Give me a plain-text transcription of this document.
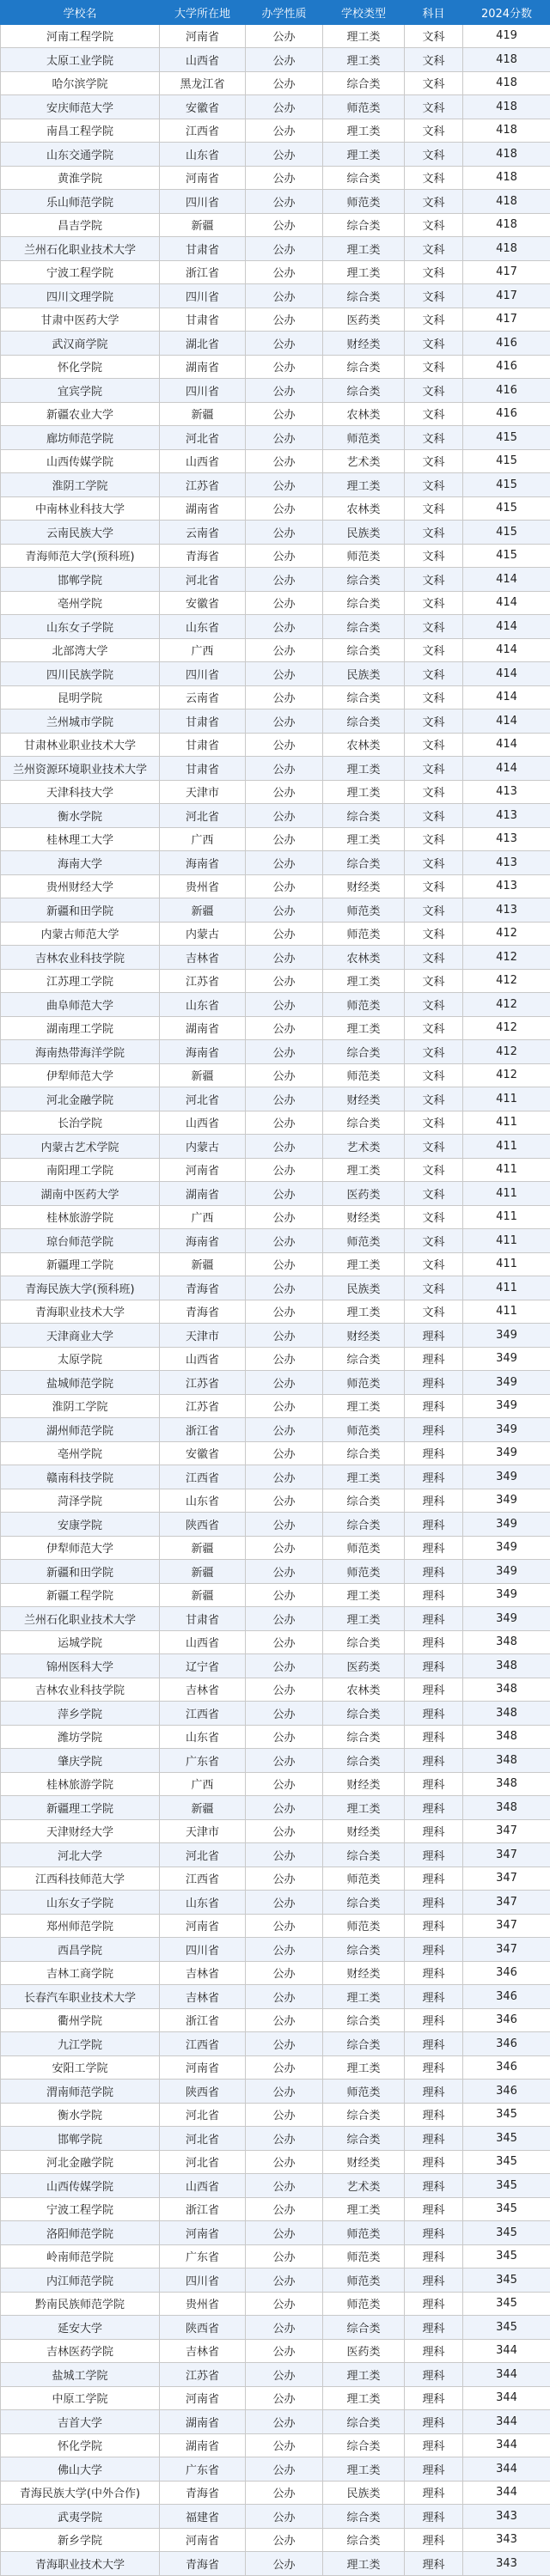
学校名	大学所在地	办学性质	学校类型	科目	2024分数
河南工程学院	河南省	公办	理工类	文科	419
太原工业学院	山西省	公办	理工类	文科	418
哈尔滨学院	黑龙江省	公办	综合类	文科	418
安庆师范大学	安徽省	公办	师范类	文科	418
南昌工程学院	江西省	公办	理工类	文科	418
山东交通学院	山东省	公办	理工类	文科	418
黄淮学院	河南省	公办	综合类	文科	418
乐山师范学院	四川省	公办	师范类	文科	418
昌吉学院	新疆	公办	综合类	文科	418
兰州石化职业技术大学	甘肃省	公办	理工类	文科	418
宁波工程学院	浙江省	公办	理工类	文科	417
四川文理学院	四川省	公办	综合类	文科	417
甘肃中医药大学	甘肃省	公办	医药类	文科	417
武汉商学院	湖北省	公办	财经类	文科	416
怀化学院	湖南省	公办	综合类	文科	416
宜宾学院	四川省	公办	综合类	文科	416
新疆农业大学	新疆	公办	农林类	文科	416
廊坊师范学院	河北省	公办	师范类	文科	415
山西传媒学院	山西省	公办	艺术类	文科	415
淮阴工学院	江苏省	公办	理工类	文科	415
中南林业科技大学	湖南省	公办	农林类	文科	415
云南民族大学	云南省	公办	民族类	文科	415
青海师范大学(预科班)	青海省	公办	师范类	文科	415
邯郸学院	河北省	公办	综合类	文科	414
亳州学院	安徽省	公办	综合类	文科	414
山东女子学院	山东省	公办	综合类	文科	414
北部湾大学	广西	公办	综合类	文科	414
四川民族学院	四川省	公办	民族类	文科	414
昆明学院	云南省	公办	综合类	文科	414
兰州城市学院	甘肃省	公办	综合类	文科	414
甘肃林业职业技术大学	甘肃省	公办	农林类	文科	414
兰州资源环境职业技术大学	甘肃省	公办	理工类	文科	414
天津科技大学	天津市	公办	理工类	文科	413
衡水学院	河北省	公办	综合类	文科	413
桂林理工大学	广西	公办	理工类	文科	413
海南大学	海南省	公办	综合类	文科	413
贵州财经大学	贵州省	公办	财经类	文科	413
新疆和田学院	新疆	公办	师范类	文科	413
内蒙古师范大学	内蒙古	公办	师范类	文科	412
吉林农业科技学院	吉林省	公办	农林类	文科	412
江苏理工学院	江苏省	公办	理工类	文科	412
曲阜师范大学	山东省	公办	师范类	文科	412
湖南理工学院	湖南省	公办	理工类	文科	412
海南热带海洋学院	海南省	公办	综合类	文科	412
伊犁师范大学	新疆	公办	师范类	文科	412
河北金融学院	河北省	公办	财经类	文科	411
长治学院	山西省	公办	综合类	文科	411
内蒙古艺术学院	内蒙古	公办	艺术类	文科	411
南阳理工学院	河南省	公办	理工类	文科	411
湖南中医药大学	湖南省	公办	医药类	文科	411
桂林旅游学院	广西	公办	财经类	文科	411
琼台师范学院	海南省	公办	师范类	文科	411
新疆理工学院	新疆	公办	理工类	文科	411
青海民族大学(预科班)	青海省	公办	民族类	文科	411
青海职业技术大学	青海省	公办	理工类	文科	411
天津商业大学	天津市	公办	财经类	理科	349
太原学院	山西省	公办	综合类	理科	349
盐城师范学院	江苏省	公办	师范类	理科	349
淮阴工学院	江苏省	公办	理工类	理科	349
湖州师范学院	浙江省	公办	师范类	理科	349
亳州学院	安徽省	公办	综合类	理科	349
赣南科技学院	江西省	公办	理工类	理科	349
菏泽学院	山东省	公办	综合类	理科	349
安康学院	陕西省	公办	综合类	理科	349
伊犁师范大学	新疆	公办	师范类	理科	349
新疆和田学院	新疆	公办	师范类	理科	349
新疆工程学院	新疆	公办	理工类	理科	349
兰州石化职业技术大学	甘肃省	公办	理工类	理科	349
运城学院	山西省	公办	综合类	理科	348
锦州医科大学	辽宁省	公办	医药类	理科	348
吉林农业科技学院	吉林省	公办	农林类	理科	348
萍乡学院	江西省	公办	综合类	理科	348
潍坊学院	山东省	公办	综合类	理科	348
肇庆学院	广东省	公办	综合类	理科	348
桂林旅游学院	广西	公办	财经类	理科	348
新疆理工学院	新疆	公办	理工类	理科	348
天津财经大学	天津市	公办	财经类	理科	347
河北大学	河北省	公办	综合类	理科	347
江西科技师范大学	江西省	公办	师范类	理科	347
山东女子学院	山东省	公办	综合类	理科	347
郑州师范学院	河南省	公办	师范类	理科	347
西昌学院	四川省	公办	综合类	理科	347
吉林工商学院	吉林省	公办	财经类	理科	346
长春汽车职业技术大学	吉林省	公办	理工类	理科	346
衢州学院	浙江省	公办	综合类	理科	346
九江学院	江西省	公办	综合类	理科	346
安阳工学院	河南省	公办	理工类	理科	346
渭南师范学院	陕西省	公办	师范类	理科	346
衡水学院	河北省	公办	综合类	理科	345
邯郸学院	河北省	公办	综合类	理科	345
河北金融学院	河北省	公办	财经类	理科	345
山西传媒学院	山西省	公办	艺术类	理科	345
宁波工程学院	浙江省	公办	理工类	理科	345
洛阳师范学院	河南省	公办	师范类	理科	345
岭南师范学院	广东省	公办	师范类	理科	345
内江师范学院	四川省	公办	师范类	理科	345
黔南民族师范学院	贵州省	公办	师范类	理科	345
延安大学	陕西省	公办	综合类	理科	345
吉林医药学院	吉林省	公办	医药类	理科	344
盐城工学院	江苏省	公办	理工类	理科	344
中原工学院	河南省	公办	理工类	理科	344
吉首大学	湖南省	公办	综合类	理科	344
怀化学院	湖南省	公办	综合类	理科	344
佛山大学	广东省	公办	理工类	理科	344
青海民族大学(中外合作)	青海省	公办	民族类	理科	344
武夷学院	福建省	公办	综合类	理科	343
新乡学院	河南省	公办	综合类	理科	343
青海职业技术大学	青海省	公办	理工类	理科	343
